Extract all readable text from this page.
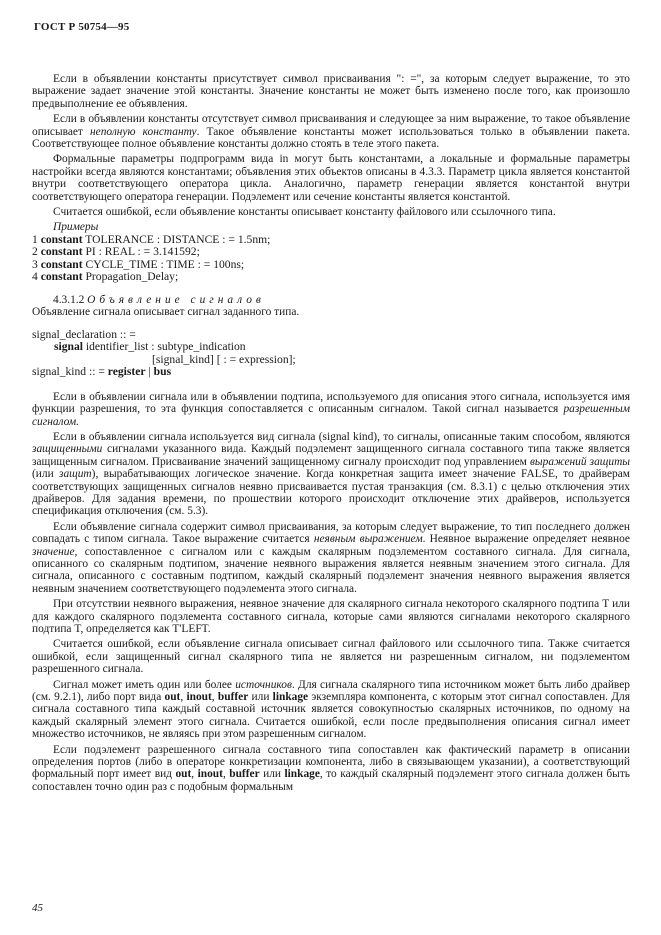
ГОСТ Р 50754—95

Если в объявлении константы присутствует символ присваивания ": =", за которым следует выражение, то это выражение задает значение этой константы. Значение константы не может быть изменено после того, как произошло предвыполнение ее объявления.

Если в объявлении константы отсутствует символ присваивания и следующее за ним выражение, то такое объявление описывает неполную константу. Такое объявление константы может использоваться только в объявлении пакета. Соответствующее полное объявление константы должно стоять в теле этого пакета.

Формальные параметры подпрограмм вида in могут быть константами, а локальные и формальные параметры настройки всегда являются константами; объявления этих объектов описаны в 4.3.3. Параметр цикла является константой внутри соответствующего оператора цикла. Аналогично, параметр генерации является константой внутри соответствующего оператора генерации. Подэлемент или сечение константы является константой.

Считается ошибкой, если объявление константы описывает константу файлового или ссылочного типа.

Примеры

1 constant TOLERANCE : DISTANCE : = 1.5nm;
2 constant PI : REAL : = 3.141592;
3 constant CYCLE_TIME : TIME : = 100ns;
4 constant Propagation_Delay;

4.3.1.2 Объявление сигналов

Объявление сигнала описывает сигнал заданного типа.

signal_declaration :: =
signal identifier_list : subtype_indication
[signal_kind] [ : = expression];
signal_kind :: = register | bus

Если в объявлении сигнала или в объявлении подтипа, используемого для описания этого сигнала, используется имя функции разрешения, то эта функция сопоставляется с описанным сигналом. Такой сигнал называется разрешенным сигналом.

Если в объявлении сигнала используется вид сигнала (signal kind), то сигналы, описанные таким способом, являются защищенными сигналами указанного вида. Каждый подэлемент защищенного сигнала составного типа также является защищенным сигналом. Присваивание значений защищенному сигналу происходит под управлением выражений защиты (или защит), вырабатывающих логическое значение. Когда конкретная защита имеет значение FALSE, то драйверам соответствующих защищенных сигналов неявно присваивается пустая транзакция (см. 8.3.1) с целью отключения этих драйверов. Для задания времени, по прошествии которого происходит отключение этих драйверов, используется спецификация отключения (см. 5.3).

Если объявление сигнала содержит символ присваивания, за которым следует выражение, то тип последнего должен совпадать с типом сигнала. Такое выражение считается неявным выражением. Неявное выражение определяет неявное значение, сопоставленное с сигналом или с каждым скалярным подэлементом составного сигнала. Для сигнала, описанного со скалярным подтипом, значение неявного выражения является неявным значением этого сигнала. Для сигнала, описанного с составным подтипом, каждый скалярный подэлемент значения неявного выражения является неявным значением соответствующего подэлемента этого сигнала.

При отсутствии неявного выражения, неявное значение для скалярного сигнала некоторого скалярного подтипа T или для каждого скалярного подэлемента составного сигнала, которые сами являются сигналами некоторого скалярного подтипа T, определяется как T'LEFT.

Считается ошибкой, если объявление сигнала описывает сигнал файлового или ссылочного типа. Также считается ошибкой, если защищенный сигнал скалярного типа не является ни разрешенным сигналом, ни подэлементом разрешенного сигнала.

Сигнал может иметь один или более источников. Для сигнала скалярного типа источником может быть либо драйвер (см. 9.2.1), либо порт вида out, inout, buffer или linkage экземпляра компонента, с которым этот сигнал сопоставлен. Для сигнала составного типа каждый составной источник является совокупностью скалярных источников, по одному на каждый скалярный элемент этого сигнала. Считается ошибкой, если после предвыполнения описания сигнал имеет множество источников, не являясь при этом разрешенным сигналом.

Если подэлемент разрешенного сигнала составного типа сопоставлен как фактический параметр в описании определения портов (либо в операторе конкретизации компонента, либо в связывающем указании), а соответствующий формальный порт имеет вид out, inout, buffer или linkage, то каждый скалярный подэлемент этого сигнала должен быть сопоставлен точно один раз с подобным формальным

45
